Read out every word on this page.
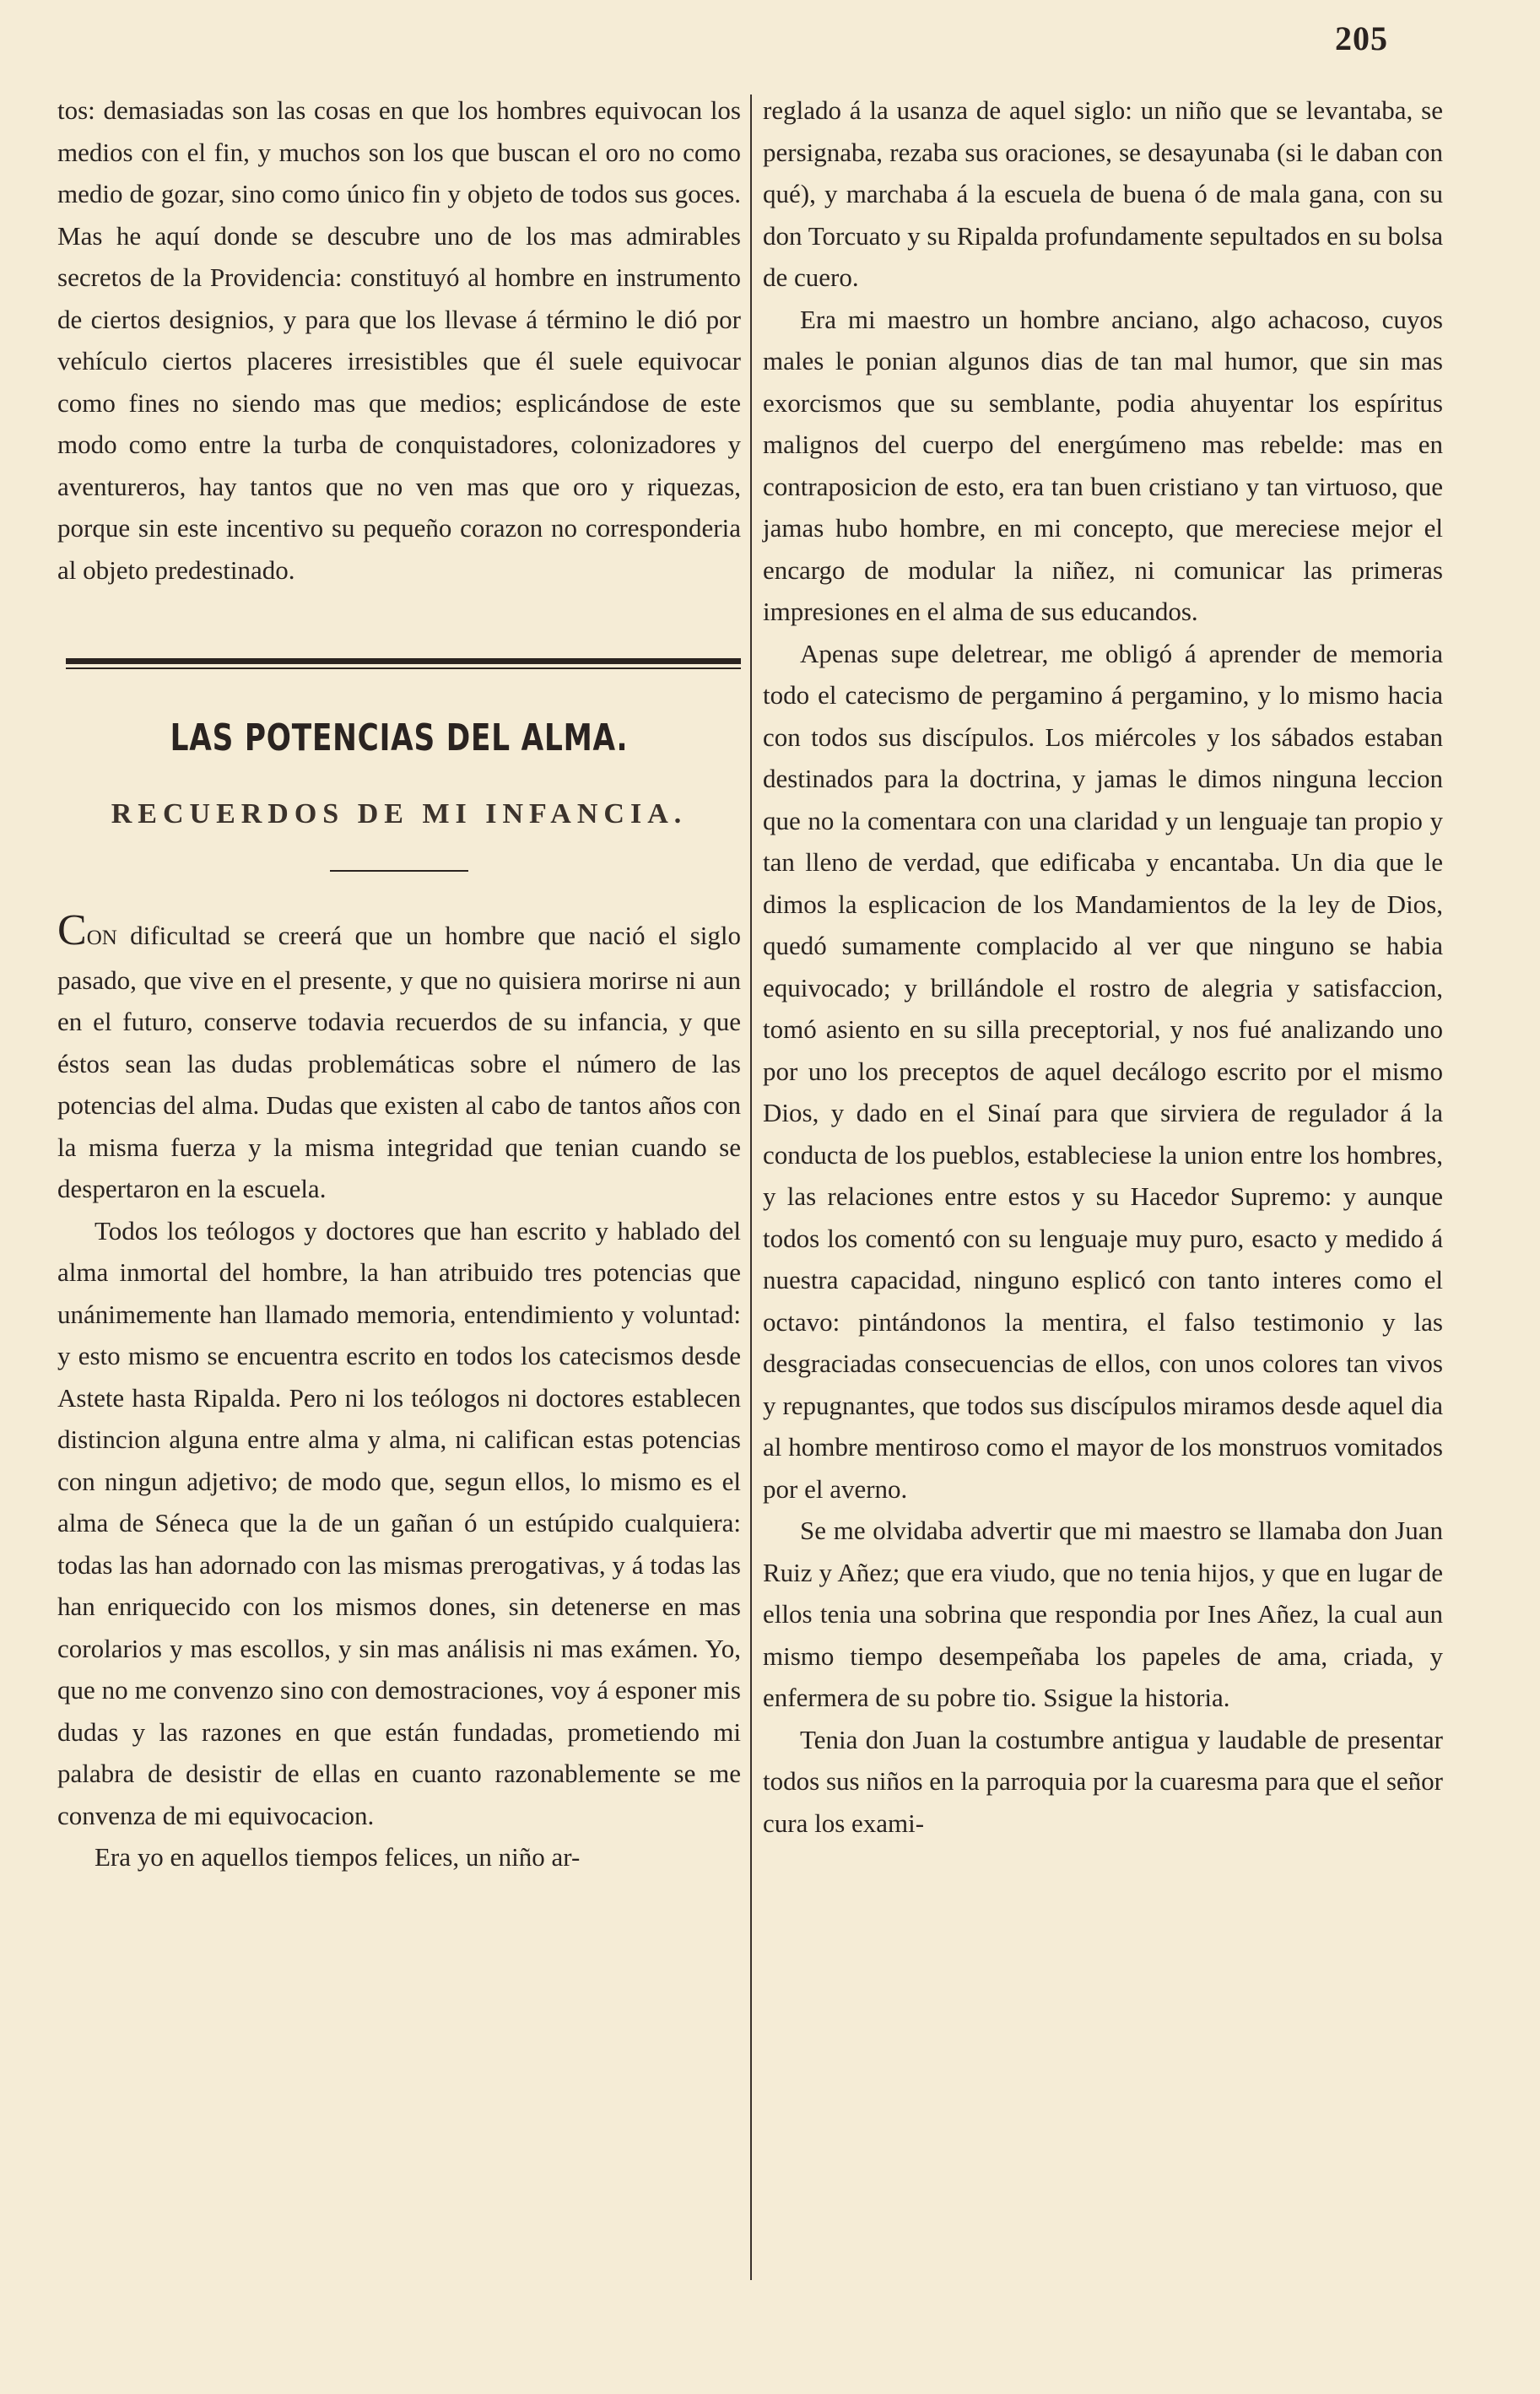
205

tos: demasiadas son las cosas en que los hombres equivocan los medios con el fin, y muchos son los que buscan el oro no como medio de gozar, sino como único fin y objeto de todos sus goces. Mas he aquí donde se descubre uno de los mas admirables secretos de la Providencia: constituyó al hombre en instrumento de ciertos designios, y para que los llevase á término le dió por vehículo ciertos placeres irresistibles que él suele equivocar como fines no siendo mas que medios; esplicándose de este modo como entre la turba de conquistadores, colonizadores y aventureros, hay tantos que no ven mas que oro y riquezas, porque sin este incentivo su pequeño corazon no corresponderia al objeto predestinado.

LAS POTENCIAS DEL ALMA.
RECUERDOS DE MI INFANCIA.

CON dificultad se creerá que un hombre que nació el siglo pasado, que vive en el presente, y que no quisiera morirse ni aun en el futuro, conserve todavia recuerdos de su infancia, y que éstos sean las dudas problemáticas sobre el número de las potencias del alma. Dudas que existen al cabo de tantos años con la misma fuerza y la misma integridad que tenian cuando se despertaron en la escuela.

Todos los teólogos y doctores que han escrito y hablado del alma inmortal del hombre, la han atribuido tres potencias que unánimemente han llamado memoria, entendimiento y voluntad: y esto mismo se encuentra escrito en todos los catecismos desde Astete hasta Ripalda. Pero ni los teólogos ni doctores establecen distincion alguna entre alma y alma, ni califican estas potencias con ningun adjetivo; de modo que, segun ellos, lo mismo es el alma de Séneca que la de un gañan ó un estúpido cualquiera: todas las han adornado con las mismas prerogativas, y á todas las han enriquecido con los mismos dones, sin detenerse en mas corolarios y mas escollos, y sin mas análisis ni mas exámen. Yo, que no me convenzo sino con demostraciones, voy á esponer mis dudas y las razones en que están fundadas, prometiendo mi palabra de desistir de ellas en cuanto razonablemente se me convenza de mi equivocacion.

Era yo en aquellos tiempos felices, un niño ar-

reglado á la usanza de aquel siglo: un niño que se levantaba, se persignaba, rezaba sus oraciones, se desayunaba (si le daban con qué), y marchaba á la escuela de buena ó de mala gana, con su don Torcuato y su Ripalda profundamente sepultados en su bolsa de cuero.

Era mi maestro un hombre anciano, algo achacoso, cuyos males le ponian algunos dias de tan mal humor, que sin mas exorcismos que su semblante, podia ahuyentar los espíritus malignos del cuerpo del energúmeno mas rebelde: mas en contraposicion de esto, era tan buen cristiano y tan virtuoso, que jamas hubo hombre, en mi concepto, que mereciese mejor el encargo de modular la niñez, ni comunicar las primeras impresiones en el alma de sus educandos.

Apenas supe deletrear, me obligó á aprender de memoria todo el catecismo de pergamino á pergamino, y lo mismo hacia con todos sus discípulos. Los miércoles y los sábados estaban destinados para la doctrina, y jamas le dimos ninguna leccion que no la comentara con una claridad y un lenguaje tan propio y tan lleno de verdad, que edificaba y encantaba. Un dia que le dimos la esplicacion de los Mandamientos de la ley de Dios, quedó sumamente complacido al ver que ninguno se habia equivocado; y brillándole el rostro de alegria y satisfaccion, tomó asiento en su silla preceptorial, y nos fué analizando uno por uno los preceptos de aquel decálogo escrito por el mismo Dios, y dado en el Sinaí para que sirviera de regulador á la conducta de los pueblos, estableciese la union entre los hombres, y las relaciones entre estos y su Hacedor Supremo: y aunque todos los comentó con su lenguaje muy puro, esacto y medido á nuestra capacidad, ninguno esplicó con tanto interes como el octavo: pintándonos la mentira, el falso testimonio y las desgraciadas consecuencias de ellos, con unos colores tan vivos y repugnantes, que todos sus discípulos miramos desde aquel dia al hombre mentiroso como el mayor de los monstruos vomitados por el averno.

Se me olvidaba advertir que mi maestro se llamaba don Juan Ruiz y Añez; que era viudo, que no tenia hijos, y que en lugar de ellos tenia una sobrina que respondia por Ines Añez, la cual aun mismo tiempo desempeñaba los papeles de ama, criada, y enfermera de su pobre tio. Ssigue la historia.

Tenia don Juan la costumbre antigua y laudable de presentar todos sus niños en la parroquia por la cuaresma para que el señor cura los exami-
